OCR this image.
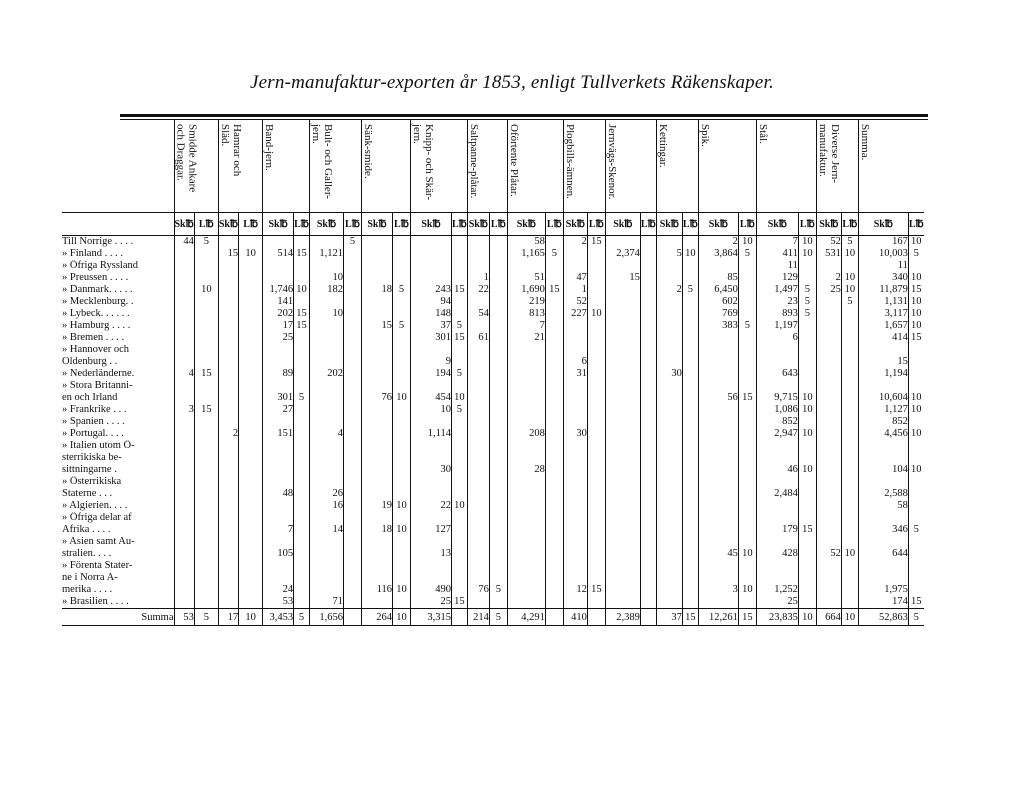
Jern-manufaktur-exporten år 1853, enligt Tullverkets Räkenskaper.
	Smidde Ankare
och Draggar.		Hamrar och
Släd.		Band-jern.		Bult- och Galler-
jern.		Sänk-smide.		Knipp- och Skär-
jern.		Saltpanne-plåtar.		Oförtente Plåtar.		Plogbills-ämnen.		Jernvägs-Skenor.		Kettingar.		Spik.		Stål.		Diverse Jern-
manufaktur.		Summa.	
	Sk℔	L℔	Sk℔	L℔	Sk℔	L℔	Sk℔	L℔	Sk℔	L℔	Sk℔	L℔	Sk℔	L℔	Sk℔	L℔	Sk℔	L℔	Sk℔	L℔	Sk℔	L℔	Sk℔	L℔	Sk℔	L℔	Sk℔	L℔	Sk℔	L℔
Till Norrige . . . .	44	5						5							58		2	15					2	10	7	10	52	5	167	10
» Finland . . . .			15	10	514	15	1,121								1,165	5			2,374		5	10	3,864	5	411	10	531	10	10,003	5
» Öfriga Ryssland																									11				11	
» Preussen . . . .							10						1		51		47		15				85		129		2	10	340	10
» Danmark. . . . .		10			1,746	10	182		18	5	243	15	22		1,690	15	1				2	5	6,450		1,497	5	25	10	11,879	15
» Mecklenburg. .					141						94				219		52						602		23	5		5	1,131	10
» Lybeck. . . . . .					202	15	10				148		54		813		227	10					769		893	5			3,117	10
» Hamburg . . . .					17	15			15	5	37	5			7								383	5	1,197				1,657	10
» Bremen . . . .					25						301	15	61		21										6				414	15
» Hannover och																														
Oldenburg . .											9						6												15	
» Nederländerne.	4	15			89		202				194	5					31				30				643				1,194	
» Stora Britanni-																														
en och Irland					301	5			76	10	454	10											56	15	9,715	10			10,604	10
» Frankrike . . .	3	15			27						10	5													1,086	10			1,127	10
» Spanien . . . .																									852				852	
» Portugal. . . .			2		151		4				1,114				208		30								2,947	10			4,456	10
» Italien utom Ö-																														
sterrikiska be-																														
sittningarne .											30				28										46	10			104	10
» Österrikiska																														
Staterne . . .					48		26																		2,484				2,588	
» Algierien. . . .							16		19	10	22	10																	58	
» Öfriga delar af																														
Afrika . . . .					7		14		18	10	127														179	15			346	5
» Asien samt Au-																														
stralien. . . .					105						13												45	10	428		52	10	644	
» Förenta Stater-																														
ne i Norra A-																														
merika . . . .					24				116	10	490		76	5			12	15					3	10	1,252				1,975	
» Brasilien . . . .					53		71				25	15													25				174	15
Summa	53	5	17	10	3,453	5	1,656		264	10	3,315		214	5	4,291		410		2,389		37	15	12,261	15	23,835	10	664	10	52,863	5
